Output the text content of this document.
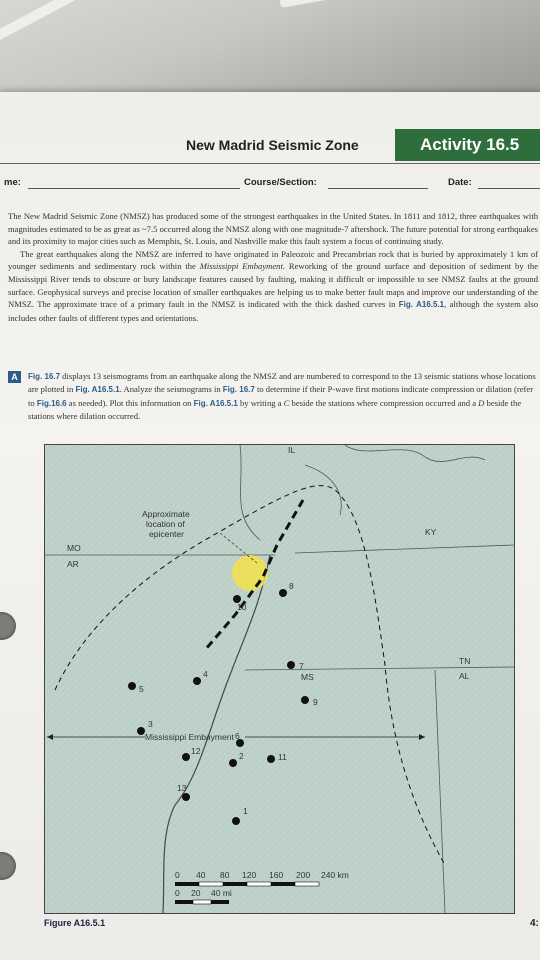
New Madrid Seismic Zone	Activity 16.5
me:	Course/Section:	Date:

The New Madrid Seismic Zone (NMSZ) has produced some of the strongest earthquakes in the United States. In 1811 and 1812, three earthquakes with magnitudes estimated to be as great as ~7.5 occurred along the NMSZ along with one magnitude-7 aftershock. The future potential for strong earthquakes and its proximity to major cities such as Memphis, St. Louis, and Nashville make this fault system a focus of continuing study.

The great earthquakes along the NMSZ are inferred to have originated in Paleozoic and Precambrian rock that is buried by approximately 1 km of younger sediments and sedimentary rock within the Mississippi Embayment. Reworking of the ground surface and deposition of sediment by the Mississippi River tends to obscure or bury landscape features caused by faulting, making it difficult or impossible to see NMSZ faults at the ground surface. Geophysical surveys and precise location of smaller earthquakes are helping us to make better fault maps and improve our understanding of the NMSZ. The approximate trace of a primary fault in the NMSZ is indicated with the thick dashed curves in Fig. A16.5.1, although the system also includes other faults of different types and orientations.

A	Fig. 16.7 displays 13 seismograms from an earthquake along the NMSZ and are numbered to correspond to the 13 seismic stations whose locations are plotted in Fig. A16.5.1. Analyze the seismograms in Fig. 16.7 to determine if their P-wave first motions indicate compression or dilation (refer to Fig.16.6 as needed). Plot this information on Fig. A16.5.1 by writing a C beside the stations where compression occurred and a D beside the stations where dilation occurred.
1
2
3
4
5
6
7
8
9
10
11
12
13
IL
KY
MO
AR
TN
MS	AL
Approximate
location of
epicenter
Mississippi Embayment
0 40 80 120 160 200 240 km
0 20 40 mi
Figure A16.5.1	4:
